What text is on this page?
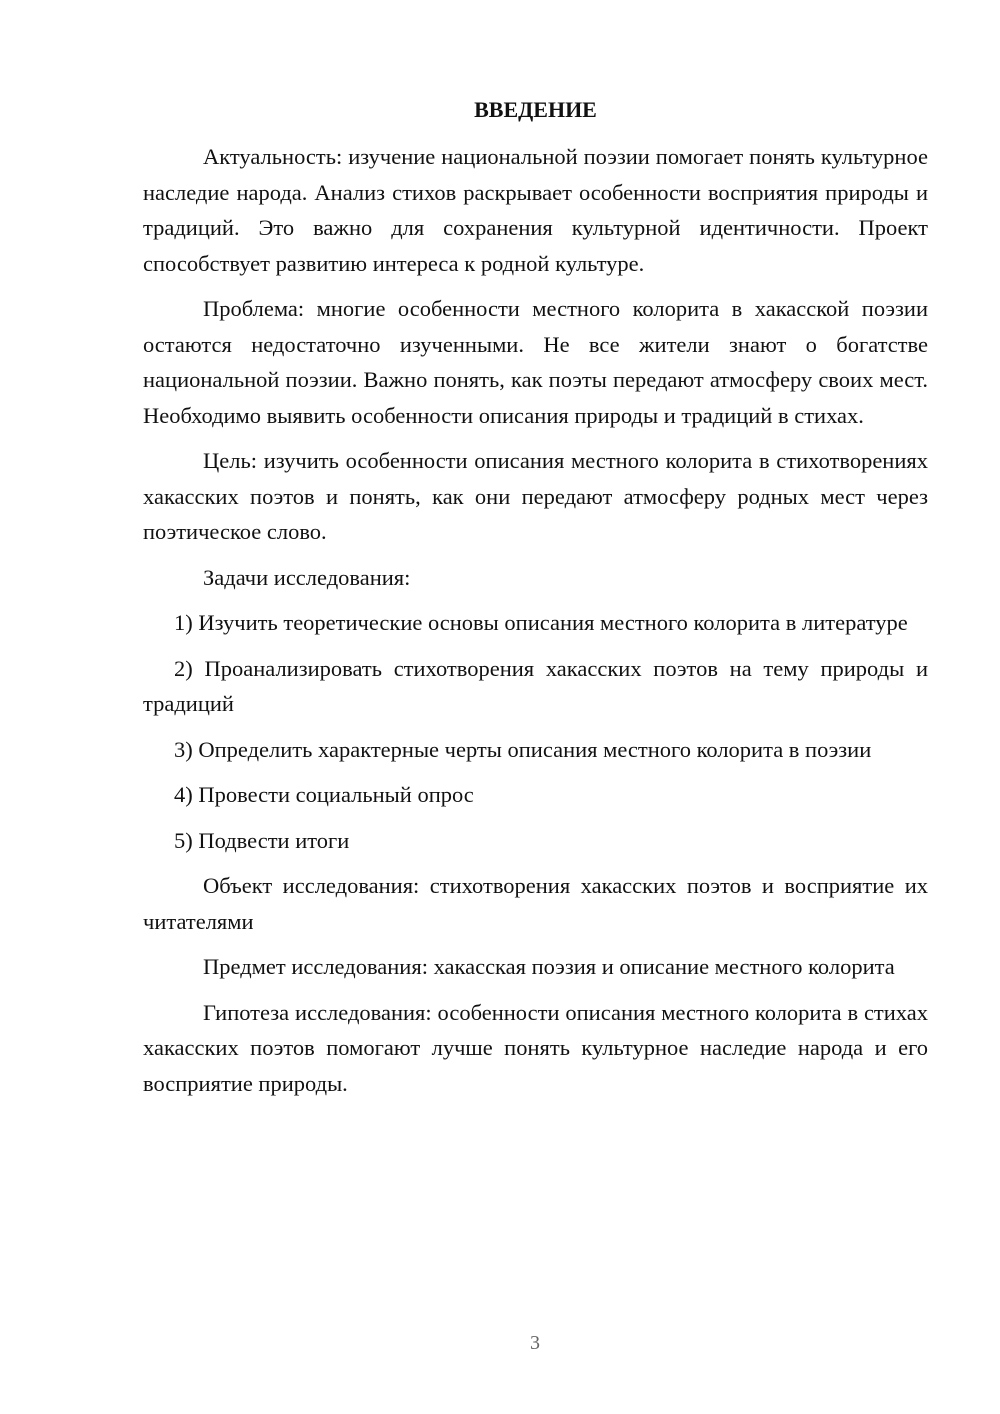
ВВЕДЕНИЕ

Актуальность: изучение национальной поэзии помогает понять культурное наследие народа. Анализ стихов раскрывает особенности восприятия природы и традиций. Это важно для сохранения культурной идентичности. Проект способствует развитию интереса к родной культуре.

Проблема: многие особенности местного колорита в хакасской поэзии остаются недостаточно изученными. Не все жители знают о богатстве национальной поэзии. Важно понять, как поэты передают атмосферу своих мест. Необходимо выявить особенности описания природы и традиций в стихах.

Цель: изучить особенности описания местного колорита в стихотворениях хакасских поэтов и понять, как они передают атмосферу родных мест через поэтическое слово.

Задачи исследования:

1) Изучить теоретические основы описания местного колорита в литературе

2) Проанализировать стихотворения хакасских поэтов на тему природы и традиций

3) Определить характерные черты описания местного колорита в поэзии

4) Провести социальный опрос

5) Подвести итоги

Объект исследования: стихотворения хакасских поэтов и восприятие их читателями

Предмет исследования: хакасская поэзия и описание местного колорита

Гипотеза исследования: особенности описания местного колорита в стихах хакасских поэтов помогают лучше понять культурное наследие народа и его восприятие природы.

3
